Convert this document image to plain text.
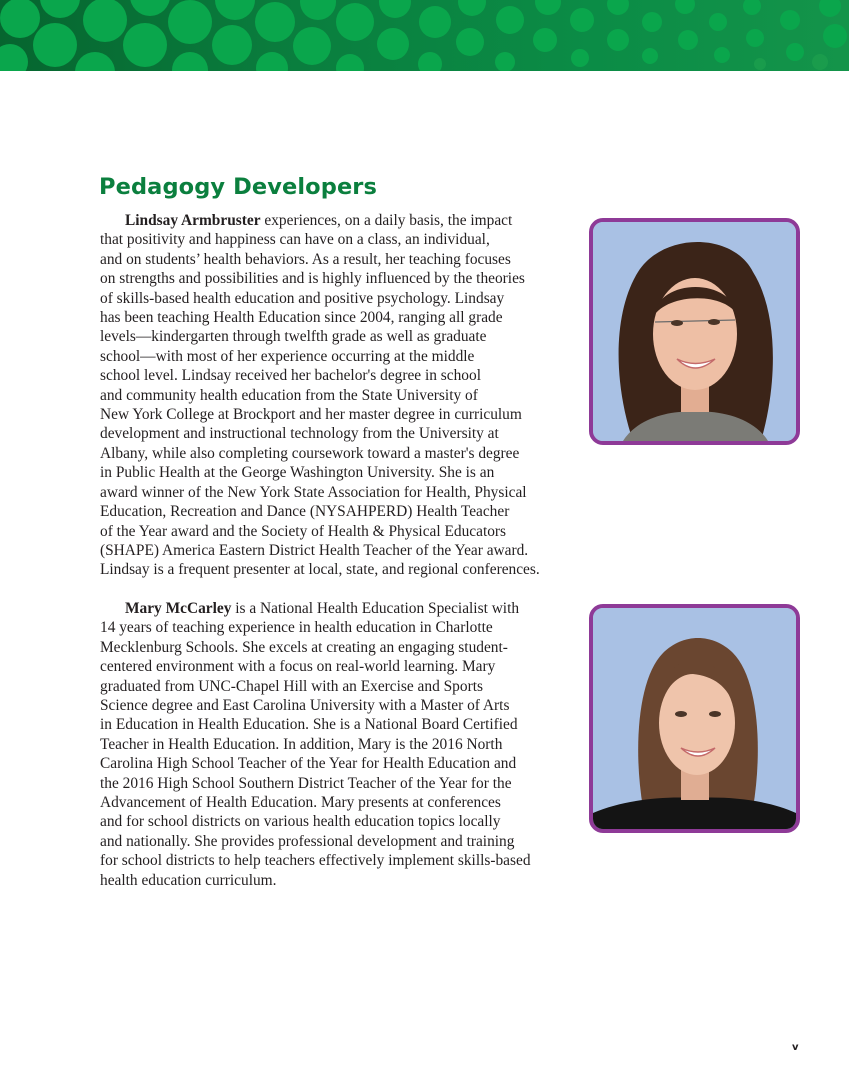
Pedagogy Developers
Lindsay Armbruster experiences, on a daily basis, the impact
that positivity and happiness can have on a class, an individual,
and on students’ health behaviors. As a result, her teaching focuses
on strengths and possibilities and is highly influenced by the theories
of skills-based health education and positive psychology. Lindsay
has been teaching Health Education since 2004, ranging all grade
levels—kindergarten through twelfth grade as well as graduate
school—with most of her experience occurring at the middle
school level. Lindsay received her bachelor's degree in school
and community health education from the State University of
New York College at Brockport and her master degree in curriculum
development and instructional technology from the University at
Albany, while also completing coursework toward a master's degree
in Public Health at the George Washington University. She is an
award winner of the New York State Association for Health, Physical
Education, Recreation and Dance (NYSAHPERD) Health Teacher
of the Year award and the Society of Health & Physical Educators
(SHAPE) America Eastern District Health Teacher of the Year award.
Lindsay is a frequent presenter at local, state, and regional conferences.
Mary McCarley is a National Health Education Specialist with
14 years of teaching experience in health education in Charlotte
Mecklenburg Schools. She excels at creating an engaging student-
centered environment with a focus on real-world learning. Mary
graduated from UNC-Chapel Hill with an Exercise and Sports
Science degree and East Carolina University with a Master of Arts
in Education in Health Education. She is a National Board Certified
Teacher in Health Education. In addition, Mary is the 2016 North
Carolina High School Teacher of the Year for Health Education and
the 2016 High School Southern District Teacher of the Year for the
Advancement of Health Education. Mary presents at conferences
and for school districts on various health education topics locally
and nationally. She provides professional development and training
for school districts to help teachers effectively implement skills-based
health education curriculum.
v
